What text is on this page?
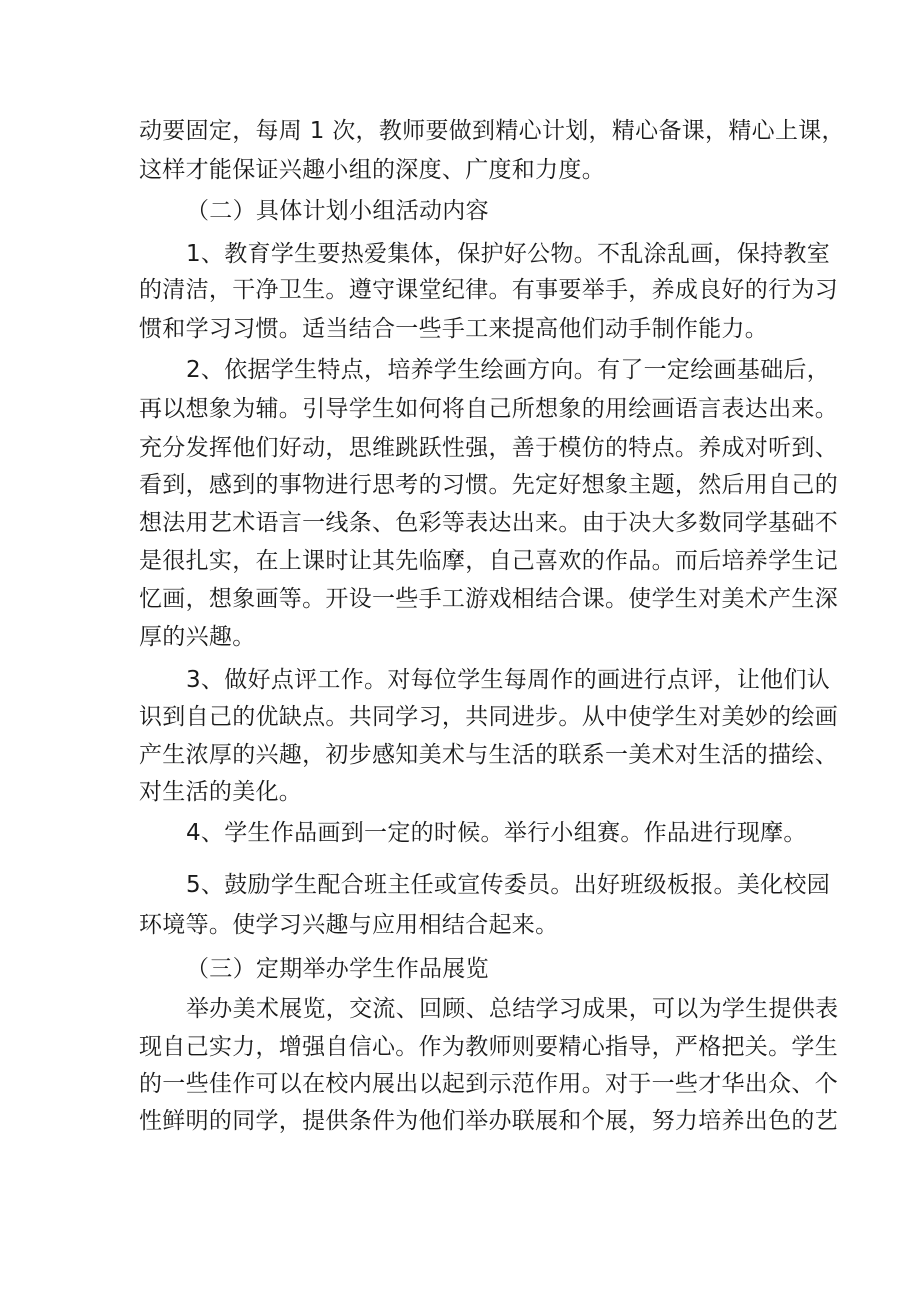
动要固定，每周 1 次，教师要做到精心计划，精心备课，精心上课，
这样才能保证兴趣小组的深度、广度和力度。
（二）具体计划小组活动内容
1、教育学生要热爱集体，保护好公物。不乱涂乱画，保持教室
的清洁，干净卫生。遵守课堂纪律。有事要举手，养成良好的行为习
惯和学习习惯。适当结合一些手工来提高他们动手制作能力。
2、依据学生特点，培养学生绘画方向。有了一定绘画基础后，
再以想象为辅。引导学生如何将自己所想象的用绘画语言表达出来。
充分发挥他们好动，思维跳跃性强，善于模仿的特点。养成对听到、
看到，感到的事物进行思考的习惯。先定好想象主题，然后用自己的
想法用艺术语言一线条、色彩等表达出来。由于决大多数同学基础不
是很扎实，在上课时让其先临摩，自己喜欢的作品。而后培养学生记
忆画，想象画等。开设一些手工游戏相结合课。使学生对美术产生深
厚的兴趣。
3、做好点评工作。对每位学生每周作的画进行点评，让他们认
识到自己的优缺点。共同学习，共同进步。从中使学生对美妙的绘画
产生浓厚的兴趣，初步感知美术与生活的联系一美术对生活的描绘、
对生活的美化。
4、学生作品画到一定的时候。举行小组赛。作品进行现摩。
5、鼓励学生配合班主任或宣传委员。出好班级板报。美化校园
环境等。使学习兴趣与应用相结合起来。
（三）定期举办学生作品展览
举办美术展览，交流、回顾、总结学习成果，可以为学生提供表
现自己实力，增强自信心。作为教师则要精心指导，严格把关。学生
的一些佳作可以在校内展出以起到示范作用。对于一些才华出众、个
性鲜明的同学，提供条件为他们举办联展和个展，努力培养出色的艺
